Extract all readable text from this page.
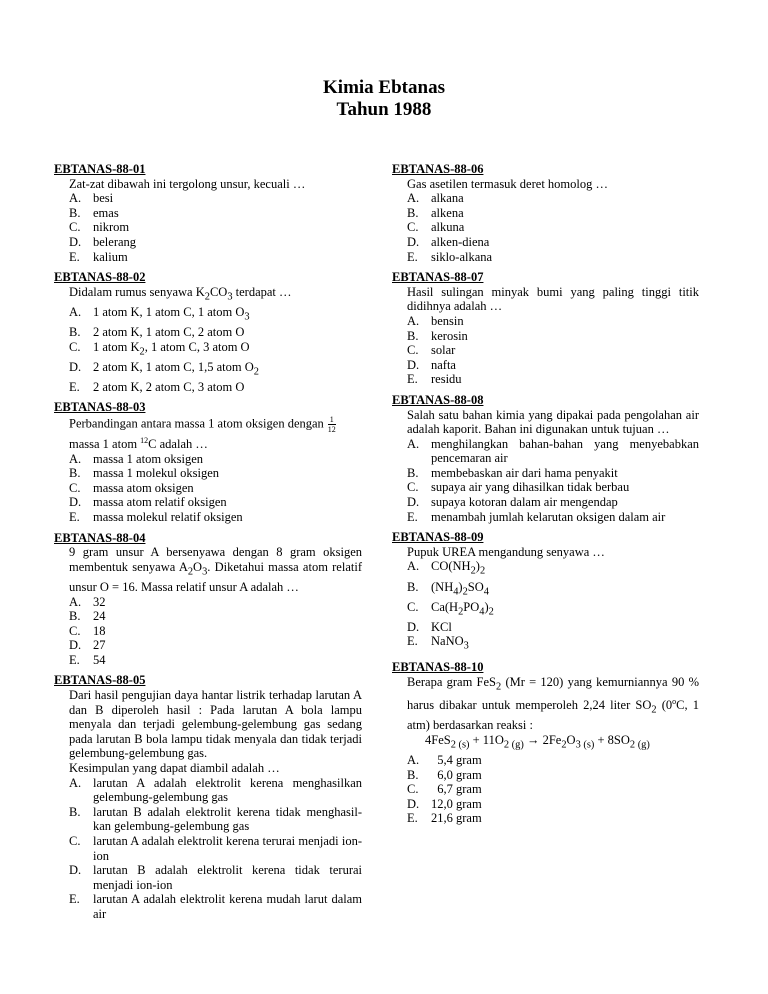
Kimia Ebtanas
Tahun 1988
EBTANAS-88-01
Zat-zat dibawah ini tergolong unsur, kecuali …
A. besi
B.	emas
C.	nikrom
D. belerang
E.	kalium
EBTANAS-88-02
Didalam rumus senyawa $K_2CO_3$ terdapat …
A. 1 atom K, 1 atom C, 1 atom $O_3$
B.	2 atom K, 1 atom C, 2 atom O
C.	1 atom $K_2$, 1 atom C, 3 atom O
D. 2 atom K, 1 atom C, 1,5 atom $O_2$
E.	2 atom K, 2 atom C, 3 atom O
EBTANAS-88-03

Perbandingan antara massa 1 atom oksigen dengan $\frac{1}{12}$

massa 1 atom $^{12}$C adalah …

A. massa 1 atom oksigen
B.	massa 1 molekul oksigen
C.	massa atom oksigen
D. massa atom relatif oksigen
E.	massa molekul relatif oksigen
EBTANAS-88-04
9 gram unsur A bersenyawa dengan 8 gram oksigen membentuk senyawa $A_2O_3$. Diketahui massa atom relatif unsur O = 16. Massa relatif unsur A adalah …
A. 32
B.	24
C.	18
D. 27
E.	54
EBTANAS-88-05

Dari hasil pengujian daya hantar listrik terhadap larutan A dan B diperoleh hasil : Pada larutan A bola lampu menyala dan terjadi gelembung-gelembung gas sedang pada larutan B bola lampu tidak menyala dan tidak terjadi gelembung-gelembung gas.

Kesimpulan yang dapat diambil adalah …

A. larutan A adalah elektrolit kerena menghasilkan gelembung-gelembung gas
B.	larutan B adalah elektrolit kerena tidak menghasil-kan gelembung-gelembung gas
C.	larutan A adalah elektrolit kerena terurai menjadi ion-ion
D. larutan B adalah elektrolit kerena tidak terurai menjadi ion-ion
E.	larutan A adalah elektrolit kerena mudah larut dalam air
EBTANAS-88-06
Gas asetilen termasuk deret homolog …
A. alkana
B.	alkena
C.	alkuna
D. alken-diena
E.	siklo-alkana
EBTANAS-88-07
Hasil sulingan minyak bumi yang paling tinggi titik didihnya adalah …
A. bensin
B.	kerosin
C.	solar
D. nafta
E.	residu
EBTANAS-88-08
Salah satu bahan kimia yang dipakai pada pengolahan air adalah kaporit. Bahan ini digunakan untuk tujuan …
A. menghilangkan bahan-bahan yang menyebabkan pencemaran air
B.	membebaskan air dari hama penyakit
C.	supaya air yang dihasilkan tidak berbau
D. supaya kotoran dalam air mengendap
E.	menambah jumlah kelarutan oksigen dalam air
EBTANAS-88-09
Pupuk UREA mengandung senyawa …
A. $CO(NH_2)_2$
B.	$(NH_4)_2SO_4$
C.	$Ca(H_2PO_4)_2$
D. KCl
E.	NaNO$_3$
EBTANAS-88-10
Berapa gram FeS$_2$ (Mr = 120) yang kemurniannya 90 % harus dibakar untuk memperoleh 2,24 liter $SO_2$ (0$^o$C, 1 atm) berdasarkan reaksi :
$4FeS_{2 (s)} + 11O_{2 (g)} \to 2Fe_2O_{3 (s)} + 8SO_{2 (g)}$
A. 5,4 gram
B.	6,0 gram
C.	6,7 gram
D. 12,0 gram
E.	21,6 gram
